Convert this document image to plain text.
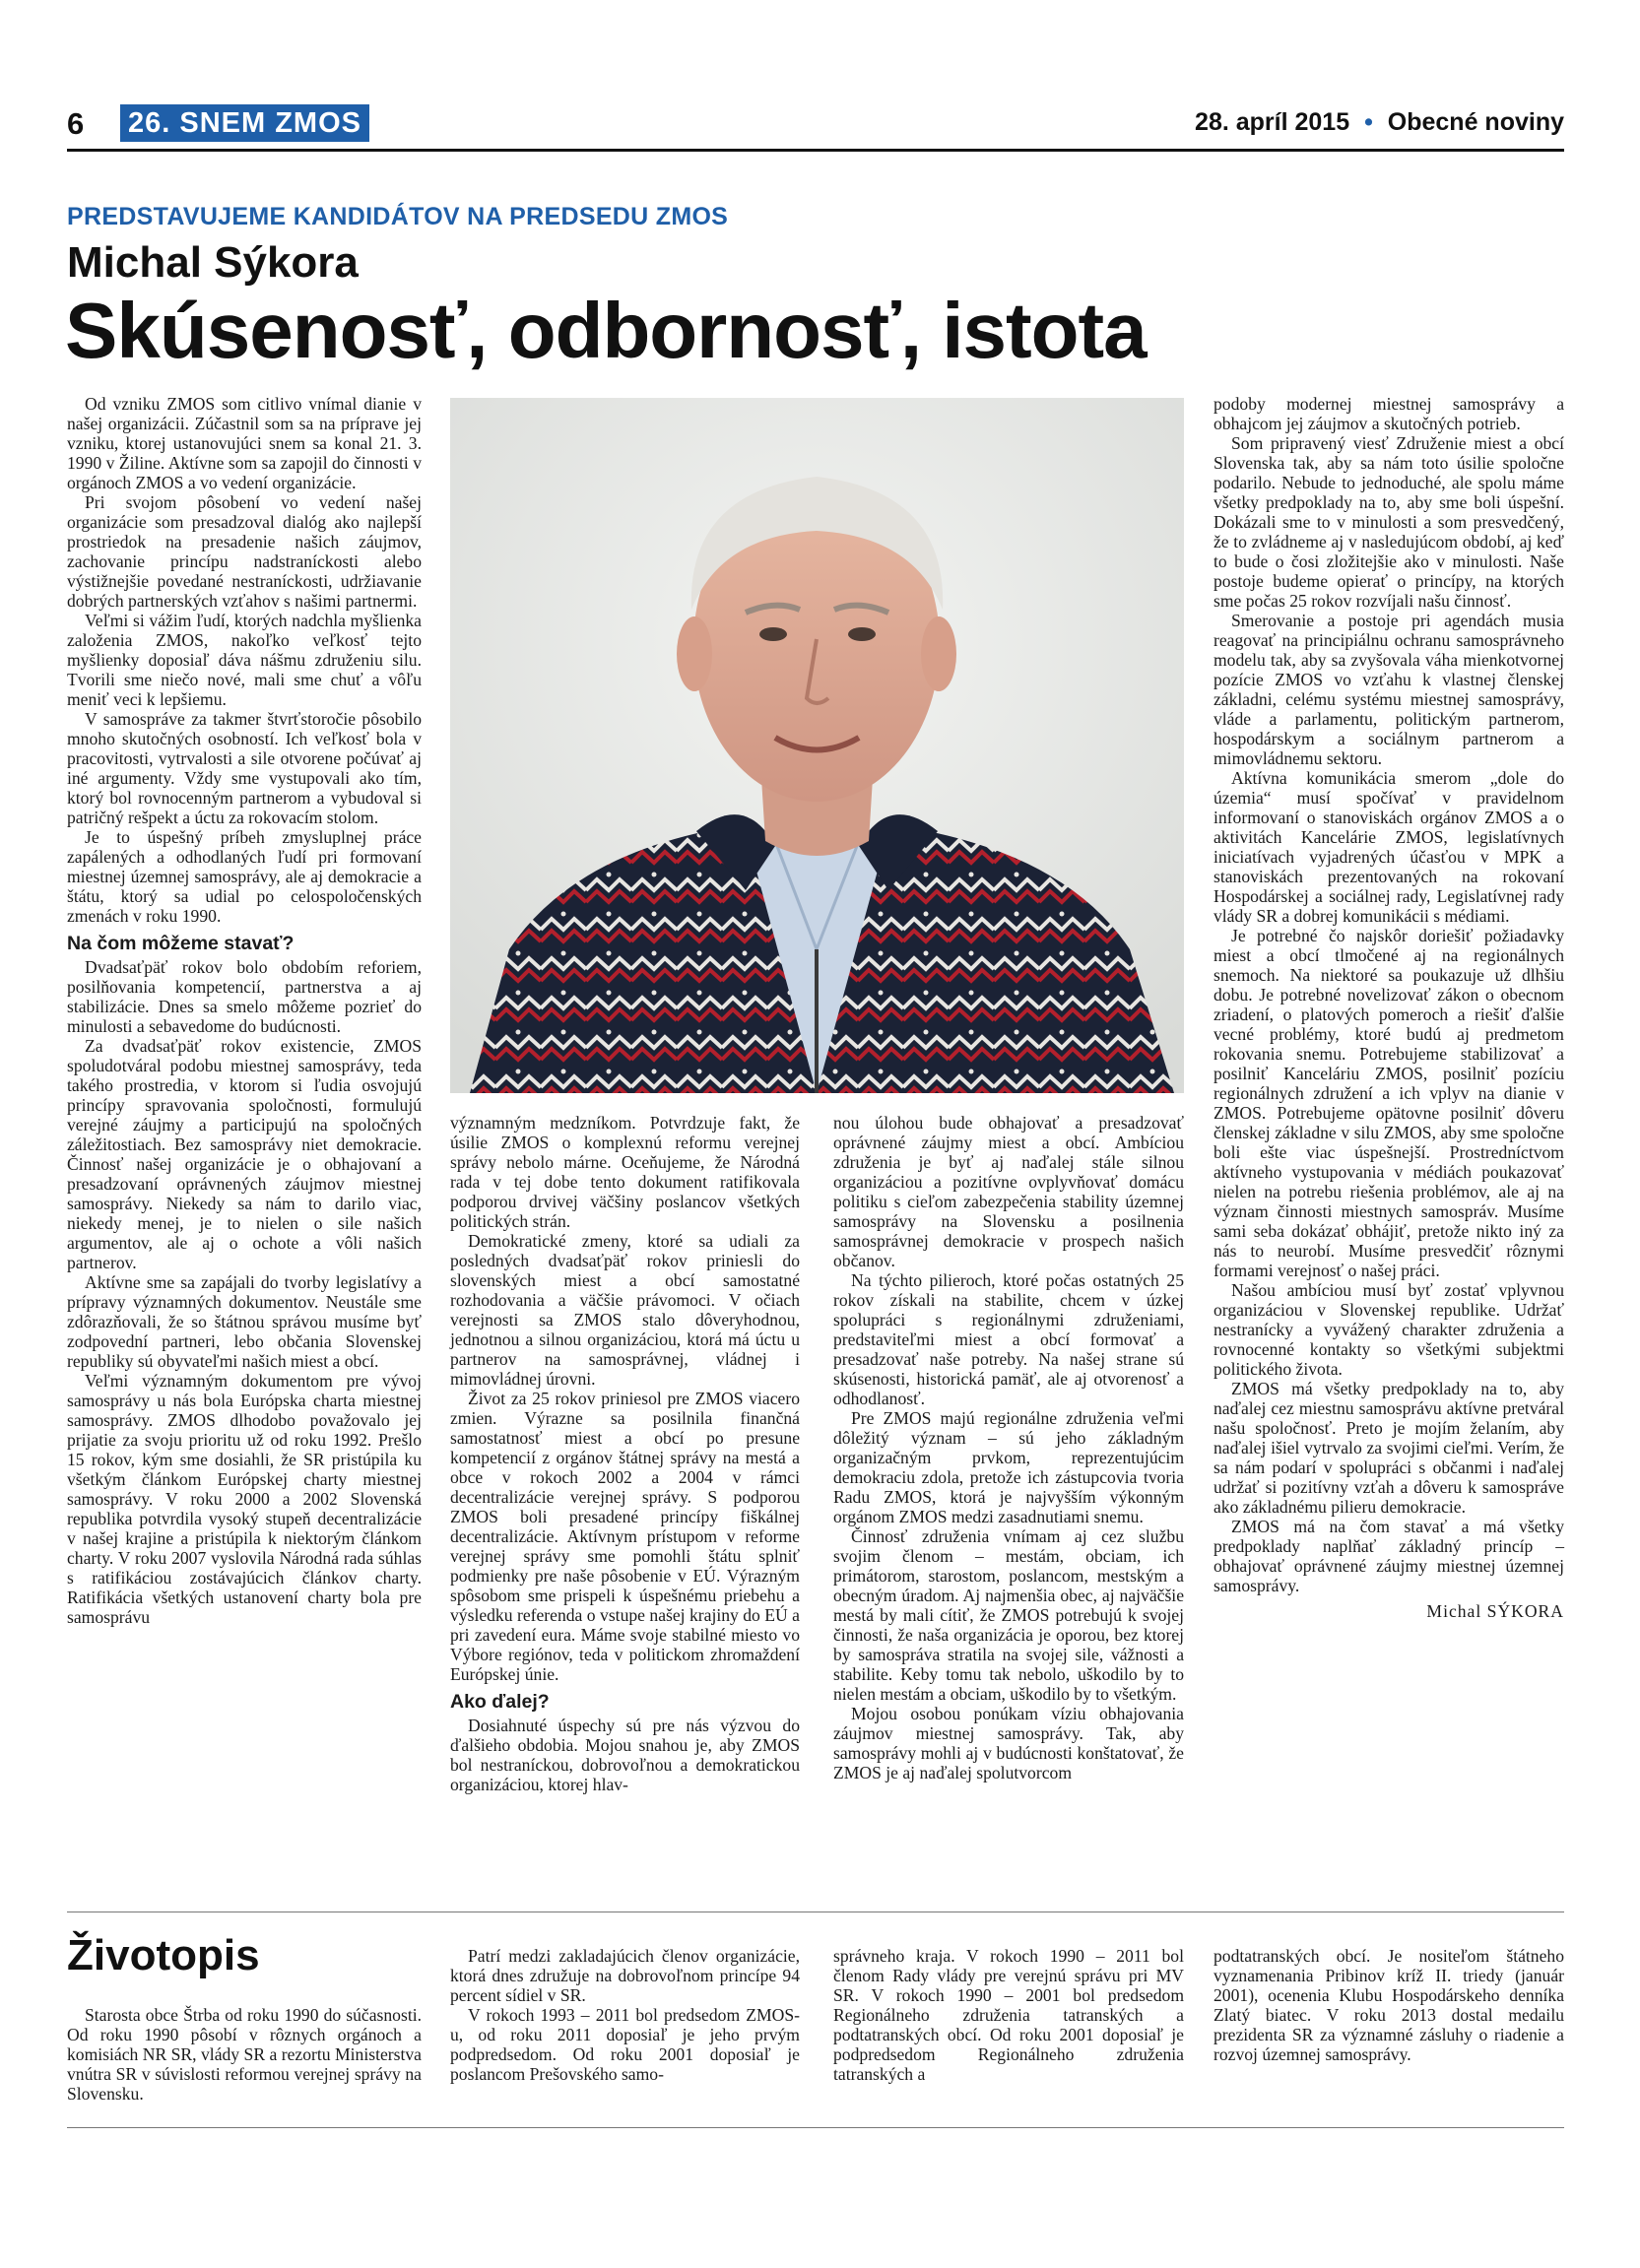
6 26. SNEM ZMOS	28. apríl 2015 • Obecné noviny
PREDSTAVUJEME KANDIDÁTOV NA PREDSEDU ZMOS
Michal Sýkora
Skúsenosť, odbornosť, istota

Od vzniku ZMOS som citlivo vnímal dianie v našej organizácii. Zúčastnil som sa na príprave jej vzniku, ktorej ustanovujúci snem sa konal 21. 3. 1990 v Žiline. Aktívne som sa zapojil do činnosti v orgánoch ZMOS a vo vedení organizácie.

Pri svojom pôsobení vo vedení našej organizácie som presadzoval dialóg ako najlepší prostriedok na presadenie našich záujmov, zachovanie princípu nadstraníckosti alebo výstižnejšie povedané nestraníckosti, udržiavanie dobrých partnerských vzťahov s našimi partnermi.

Veľmi si vážim ľudí, ktorých nadchla myšlienka založenia ZMOS, nakoľko veľkosť tejto myšlienky doposiaľ dáva nášmu združeniu silu. Tvorili sme niečo nové, mali sme chuť a vôľu meniť veci k lepšiemu.

V samospráve za takmer štvrťstoročie pôsobilo mnoho skutočných osobností. Ich veľkosť bola v pracovitosti, vytrvalosti a sile otvorene počúvať aj iné argumenty. Vždy sme vystupovali ako tím, ktorý bol rovnocenným partnerom a vybudoval si patričný rešpekt a úctu za rokovacím stolom.

Je to úspešný príbeh zmysluplnej práce zapálených a odhodlaných ľudí pri formovaní miestnej územnej samosprávy, ale aj demokracie a štátu, ktorý sa udial po celospoločenských zmenách v roku 1990.

Na čom môžeme stavať?

Dvadsaťpäť rokov bolo obdobím reforiem, posilňovania kompetencií, partnerstva a aj stabilizácie. Dnes sa smelo môžeme pozrieť do minulosti a sebavedome do budúcnosti.

Za dvadsaťpäť rokov existencie, ZMOS spoludotváral podobu miestnej samosprávy, teda takého prostredia, v ktorom si ľudia osvojujú princípy spravovania spoločnosti, formulujú verejné záujmy a participujú na spoločných záležitostiach. Bez samosprávy niet demokracie. Činnosť našej organizácie je o obhajovaní a presadzovaní oprávnených záujmov miestnej samosprávy. Niekedy sa nám to darilo viac, niekedy menej, je to nielen o sile našich argumentov, ale aj o ochote a vôli našich partnerov.

Aktívne sme sa zapájali do tvorby legislatívy a prípravy významných dokumentov. Neustále sme zdôrazňovali, že so štátnou správou musíme byť zodpovední partneri, lebo občania Slovenskej republiky sú obyvateľmi našich miest a obcí.

Veľmi významným dokumentom pre vývoj samosprávy u nás bola Európska charta miestnej samosprávy. ZMOS dlhodobo považovalo jej prijatie za svoju prioritu už od roku 1992. Prešlo 15 rokov, kým sme dosiahli, že SR pristúpila ku všetkým článkom Európskej charty miestnej samosprávy. V roku 2000 a 2002 Slovenská republika potvrdila vysoký stupeň decentralizácie v našej krajine a pristúpila k niektorým článkom charty. V roku 2007 vyslovila Národná rada súhlas s ratifikáciou zostávajúcich článkov charty. Ratifikácia všetkých ustanovení charty bola pre samosprávu

významným medzníkom. Potvrdzuje fakt, že úsilie ZMOS o komplexnú reformu verejnej správy nebolo márne. Oceňujeme, že Národná rada v tej dobe tento dokument ratifikovala podporou drvivej väčšiny poslancov všetkých politických strán.

Demokratické zmeny, ktoré sa udiali za posledných dvadsaťpäť rokov priniesli do slovenských miest a obcí samostatné rozhodovania a väčšie právomoci. V očiach verejnosti sa ZMOS stalo dôveryhodnou, jednotnou a silnou organizáciou, ktorá má úctu u partnerov na samosprávnej, vládnej i mimovládnej úrovni.

Život za 25 rokov priniesol pre ZMOS viacero zmien. Výrazne sa posilnila finančná samostatnosť miest a obcí po presune kompetencií z orgánov štátnej správy na mestá a obce v rokoch 2002 a 2004 v rámci decentralizácie verejnej správy. S podporou ZMOS boli presadené princípy fiškálnej decentralizácie. Aktívnym prístupom v reforme verejnej správy sme pomohli štátu splniť podmienky pre naše pôsobenie v EÚ. Výrazným spôsobom sme prispeli k úspešnému priebehu a výsledku referenda o vstupe našej krajiny do EÚ a pri zavedení eura. Máme svoje stabilné miesto vo Výbore regiónov, teda v politickom zhromaždení Európskej únie.

Ako ďalej?

Dosiahnuté úspechy sú pre nás výzvou do ďalšieho obdobia. Mojou snahou je, aby ZMOS bol nestraníckou, dobrovoľnou a demokratickou organizáciou, ktorej hlav-

nou úlohou bude obhajovať a presadzovať oprávnené záujmy miest a obcí. Ambíciou združenia je byť aj naďalej stále silnou organizáciou a pozitívne ovplyvňovať domácu politiku s cieľom zabezpečenia stability územnej samosprávy na Slovensku a posilnenia samosprávnej demokracie v prospech našich občanov.

Na týchto pilieroch, ktoré počas ostatných 25 rokov získali na stabilite, chcem v úzkej spolupráci s regionálnymi združeniami, predstaviteľmi miest a obcí formovať a presadzovať naše potreby. Na našej strane sú skúsenosti, historická pamäť, ale aj otvorenosť a odhodlanosť.

Pre ZMOS majú regionálne združenia veľmi dôležitý význam – sú jeho základným organizačným prvkom, reprezentujúcim demokraciu zdola, pretože ich zástupcovia tvoria Radu ZMOS, ktorá je najvyšším výkonným orgánom ZMOS medzi zasadnutiami snemu.

Činnosť združenia vnímam aj cez službu svojim členom – mestám, obciam, ich primátorom, starostom, poslancom, mestským a obecným úradom. Aj najmenšia obec, aj najväčšie mestá by mali cítiť, že ZMOS potrebujú k svojej činnosti, že naša organizácia je oporou, bez ktorej by samospráva stratila na svojej sile, vážnosti a stabilite. Keby tomu tak nebolo, uškodilo by to nielen mestám a obciam, uškodilo by to všetkým.

Mojou osobou ponúkam víziu obhajovania záujmov miestnej samosprávy. Tak, aby samosprávy mohli aj v budúcnosti konštatovať, že ZMOS je aj naďalej spolutvorcom

podoby modernej miestnej samosprávy a obhajcom jej záujmov a skutočných potrieb.

Som pripravený viesť Združenie miest a obcí Slovenska tak, aby sa nám toto úsilie spoločne podarilo. Nebude to jednoduché, ale spolu máme všetky predpoklady na to, aby sme boli úspešní. Dokázali sme to v minulosti a som presvedčený, že to zvládneme aj v nasledujúcom období, aj keď to bude o čosi zložitejšie ako v minulosti. Naše postoje budeme opierať o princípy, na ktorých sme počas 25 rokov rozvíjali našu činnosť.

Smerovanie a postoje pri agendách musia reagovať na principiálnu ochranu samosprávneho modelu tak, aby sa zvyšovala váha mienkotvornej pozície ZMOS vo vzťahu k vlastnej členskej základni, celému systému miestnej samosprávy, vláde a parlamentu, politickým partnerom, hospodárskym a sociálnym partnerom a mimovládnemu sektoru.

Aktívna komunikácia smerom „dole do územia“ musí spočívať v pravidelnom informovaní o stanoviskách orgánov ZMOS a o aktivitách Kancelárie ZMOS, legislatívnych iniciatívach vyjadrených účasťou v MPK a stanoviskách prezentovaných na rokovaní Hospodárskej a sociálnej rady, Legislatívnej rady vlády SR a dobrej komunikácii s médiami.

Je potrebné čo najskôr doriešiť požiadavky miest a obcí tlmočené aj na regionálnych snemoch. Na niektoré sa poukazuje už dlhšiu dobu. Je potrebné novelizovať zákon o obecnom zriadení, o platových pomeroch a riešiť ďalšie vecné problémy, ktoré budú aj predmetom rokovania snemu. Potrebujeme stabilizovať a posilniť Kanceláriu ZMOS, posilniť pozíciu regionálnych združení a ich vplyv na dianie v ZMOS. Potrebujeme opätovne posilniť dôveru členskej základne v silu ZMOS, aby sme spoločne boli ešte viac úspešnejší. Prostredníctvom aktívneho vystupovania v médiách poukazovať nielen na potrebu riešenia problémov, ale aj na význam činnosti miestnych samospráv. Musíme sami seba dokázať obhájiť, pretože nikto iný za nás to neurobí. Musíme presvedčiť rôznymi formami verejnosť o našej práci.

Našou ambíciou musí byť zostať vplyvnou organizáciou v Slovenskej republike. Udržať nestranícky a vyvážený charakter združenia a rovnocenné kontakty so všetkými subjektmi politického života.

ZMOS má všetky predpoklady na to, aby naďalej cez miestnu samosprávu aktívne pretváral našu spoločnosť. Preto je mojím želaním, aby naďalej išiel vytrvalo za svojimi cieľmi. Verím, že sa nám podarí v spolupráci s občanmi i naďalej udržať si pozitívny vzťah a dôveru k samospráve ako základnému pilieru demokracie.

ZMOS má na čom stavať a má všetky predpoklady naplňať základný princíp – obhajovať oprávnené záujmy miestnej územnej samosprávy.

Michal SÝKORA
Životopis

Starosta obce Štrba od roku 1990 do súčasnosti. Od roku 1990 pôsobí v rôznych orgánoch a komisiách NR SR, vlády SR a rezortu Ministerstva vnútra SR v súvislosti reformou verejnej správy na Slovensku.

Patrí medzi zakladajúcich členov organizácie, ktorá dnes združuje na dobrovoľnom princípe 94 percent sídiel v SR.

V rokoch 1993 – 2011 bol predsedom ZMOS-u, od roku 2011 doposiaľ je jeho prvým podpredsedom. Od roku 2001 doposiaľ je poslancom Prešovského samo-

správneho kraja. V rokoch 1990 – 2011 bol členom Rady vlády pre verejnú správu pri MV SR. V rokoch 1990 – 2001 bol predsedom Regionálneho združenia tatranských a podtatranských obcí. Od roku 2001 doposiaľ je podpredsedom Regionálneho združenia tatranských a

podtatranských obcí. Je nositeľom štátneho vyznamenania Pribinov kríž II. triedy (január 2001), ocenenia Klubu Hospodárskeho denníka Zlatý biatec. V roku 2013 dostal medailu prezidenta SR za významné zásluhy o riadenie a rozvoj územnej samosprávy.
